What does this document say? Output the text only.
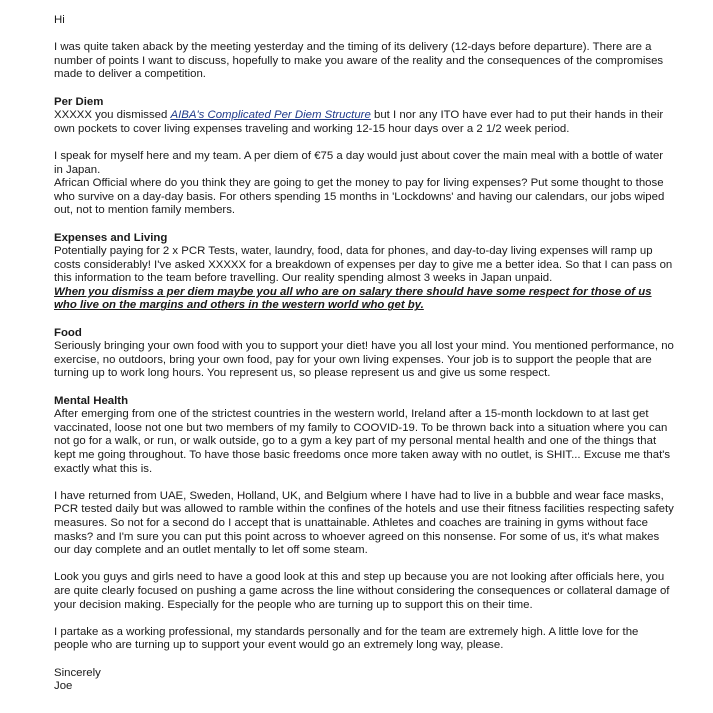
Hi

I was quite taken aback by the meeting yesterday and the timing of its delivery (12-days before departure). There are a number of points I want to discuss, hopefully to make you aware of the reality and the consequences of the compromises made to deliver a competition.

Per Diem

XXXXX you dismissed AIBA's Complicated Per Diem Structure but I nor any ITO have ever had to put their hands in their own pockets to cover living expenses traveling and working 12-15 hour days over a 2 1/2 week period.

I speak for myself here and my team. A per diem of €75 a day would just about cover the main meal with a bottle of water in Japan.

African Official where do you think they are going to get the money to pay for living expenses? Put some thought to those who survive on a day-day basis. For others spending 15 months in 'Lockdowns' and having our calendars, our jobs wiped out, not to mention family members.

Expenses and Living

Potentially paying for 2 x PCR Tests, water, laundry, food, data for phones, and day-to-day living expenses will ramp up costs considerably! I've asked XXXXX for a breakdown of expenses per day to give me a better idea. So that I can pass on this information to the team before travelling. Our reality spending almost 3 weeks in Japan unpaid.

When you dismiss a per diem maybe you all who are on salary there should have some respect for those of us who live on the margins and others in the western world who get by.

Food

Seriously bringing your own food with you to support your diet! have you all lost your mind. You mentioned performance, no exercise, no outdoors, bring your own food, pay for your own living expenses. Your job is to support the people that are turning up to work long hours. You represent us, so please represent us and give us some respect.

Mental Health

After emerging from one of the strictest countries in the western world, Ireland after a 15-month lockdown to at last get vaccinated, loose not one but two members of my family to COOVID-19. To be thrown back into a situation where you can not go for a walk, or run, or walk outside, go to a gym a key part of my personal mental health and one of the things that kept me going throughout. To have those basic freedoms once more taken away with no outlet, is SHIT... Excuse me that's exactly what this is.

I have returned from UAE, Sweden, Holland, UK, and Belgium where I have had to live in a bubble and wear face masks, PCR tested daily but was allowed to ramble within the confines of the hotels and use their fitness facilities respecting safety measures. So not for a second do I accept that is unattainable. Athletes and coaches are training in gyms without face masks? and I'm sure you can put this point across to whoever agreed on this nonsense. For some of us, it's what makes our day complete and an outlet mentally to let off some steam.

Look you guys and girls need to have a good look at this and step up because you are not looking after officials here, you are quite clearly focused on pushing a game across the line without considering the consequences or collateral damage of your decision making. Especially for the people who are turning up to support this on their time.

I partake as a working professional, my standards personally and for the team are extremely high. A little love for the people who are turning up to support your event would go an extremely long way, please.

Sincerely

Joe
